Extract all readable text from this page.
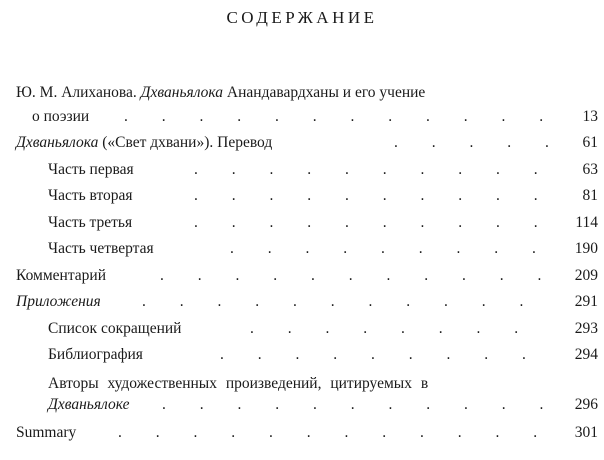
СОДЕРЖАНИЕ
Ю. М. Алиханова. Дхваньялока Анандавардханы и его учение
о поэзии . . . . . . . . . . . . 13
Дхваньялока («Свет дхвани»). Перевод	. . . . . 61
Часть первая	. . . . . . . . . . 63
Часть вторая	. . . . . . . . . . 81
Часть третья	. . . . . . . . . . 114
Часть четвертая	. . . . . . . . . 190
Комментарий	. . . . . . . . . . . 209
Приложения	. . . . . . . . . . . 291
Список сокращений	. . . . . . . .	293
Библиография	. . . . . . . . . 294
Авторы художественных произведений, цитируемых в
Дхваньялоке . . . . . . . . . . . 296
Summary	. . . . . . . . . . . . 301
